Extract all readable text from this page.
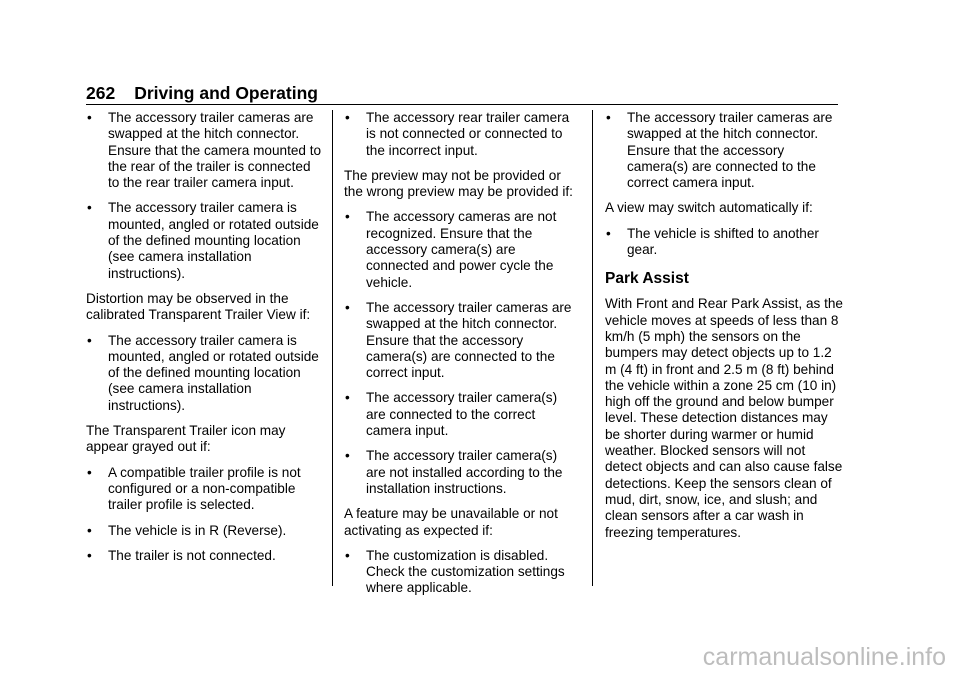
262 Driving and Operating
• The accessory trailer cameras are swapped at the hitch connector. Ensure that the camera mounted to the rear of the trailer is connected to the rear trailer camera input.
• The accessory trailer camera is mounted, angled or rotated outside of the defined mounting location (see camera installation instructions).

Distortion may be observed in the calibrated Transparent Trailer View if:

• The accessory trailer camera is mounted, angled or rotated outside of the defined mounting location (see camera installation instructions).

The Transparent Trailer icon may appear grayed out if:

• A compatible trailer profile is not configured or a non-compatible trailer profile is selected.
• The vehicle is in R (Reverse).
• The trailer is not connected.
• The accessory rear trailer camera is not connected or connected to the incorrect input.

The preview may not be provided or the wrong preview may be provided if:

• The accessory cameras are not recognized. Ensure that the accessory camera(s) are connected and power cycle the vehicle.
• The accessory trailer cameras are swapped at the hitch connector. Ensure that the accessory camera(s) are connected to the correct input.
• The accessory trailer camera(s) are connected to the correct camera input.
• The accessory trailer camera(s) are not installed according to the installation instructions.

A feature may be unavailable or not activating as expected if:

• The customization is disabled. Check the customization settings where applicable.
• The accessory trailer cameras are swapped at the hitch connector. Ensure that the accessory camera(s) are connected to the correct camera input.

A view may switch automatically if:

• The vehicle is shifted to another gear.
Park Assist

With Front and Rear Park Assist, as the vehicle moves at speeds of less than 8 km/h (5 mph) the sensors on the bumpers may detect objects up to 1.2 m (4 ft) in front and 2.5 m (8 ft) behind the vehicle within a zone 25 cm (10 in) high off the ground and below bumper level. These detection distances may be shorter during warmer or humid weather. Blocked sensors will not detect objects and can also cause false detections. Keep the sensors clean of mud, dirt, snow, ice, and slush; and clean sensors after a car wash in freezing temperatures.

carmanualsonline.info
